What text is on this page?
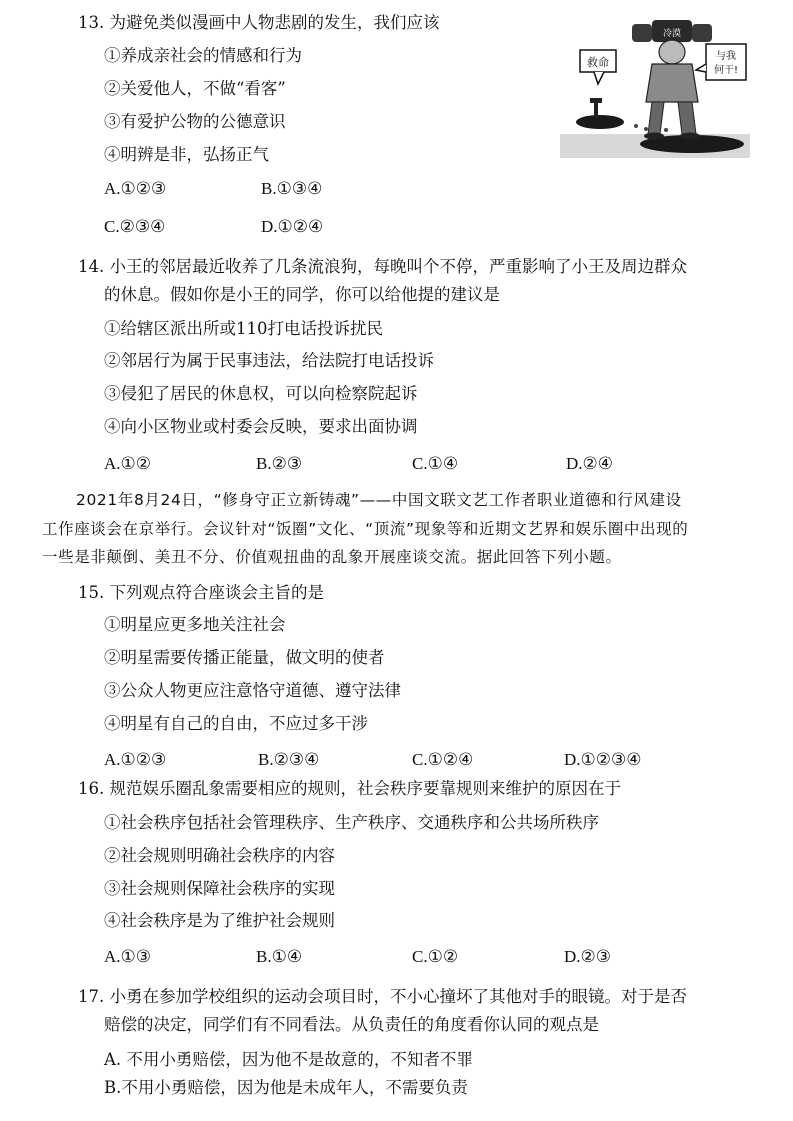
13. 为避免类似漫画中人物悲剧的发生，我们应该
①养成亲社会的情感和行为
②关爱他人，不做“看客”
③有爱护公物的公德意识
④明辨是非，弘扬正气
A.①②③	B.①③④
C.②③④	D.①②④
冷漠
救命	与我
何干!
14. 小王的邻居最近收养了几条流浪狗，每晚叫个不停，严重影响了小王及周边群众
的休息。假如你是小王的同学，你可以给他提的建议是
①给辖区派出所或110打电话投诉扰民
②邻居行为属于民事违法，给法院打电话投诉
③侵犯了居民的休息权，可以向检察院起诉
④向小区物业或村委会反映，要求出面协调
A.①②	B.②③	C.①④	D.②④
2021年8月24日，“修身守正立新铸魂”——中国文联文艺工作者职业道德和行风建设
工作座谈会在京举行。会议针对“饭圈”文化、“顶流”现象等和近期文艺界和娱乐圈中出现的
一些是非颠倒、美丑不分、价值观扭曲的乱象开展座谈交流。据此回答下列小题。
15. 下列观点符合座谈会主旨的是
①明星应更多地关注社会
②明星需要传播正能量，做文明的使者
③公众人物更应注意恪守道德、遵守法律
④明星有自己的自由，不应过多干涉
A.①②③	B.②③④	C.①②④	D.①②③④
16. 规范娱乐圈乱象需要相应的规则，社会秩序要靠规则来维护的原因在于
①社会秩序包括社会管理秩序、生产秩序、交通秩序和公共场所秩序
②社会规则明确社会秩序的内容
③社会规则保障社会秩序的实现
④社会秩序是为了维护社会规则
A.①③	B.①④	C.①②	D.②③
17. 小勇在参加学校组织的运动会项目时，不小心撞坏了其他对手的眼镜。对于是否
赔偿的决定，同学们有不同看法。从负责任的角度看你认同的观点是
A. 不用小勇赔偿，因为他不是故意的，不知者不罪
B.不用小勇赔偿，因为他是未成年人，不需要负责
